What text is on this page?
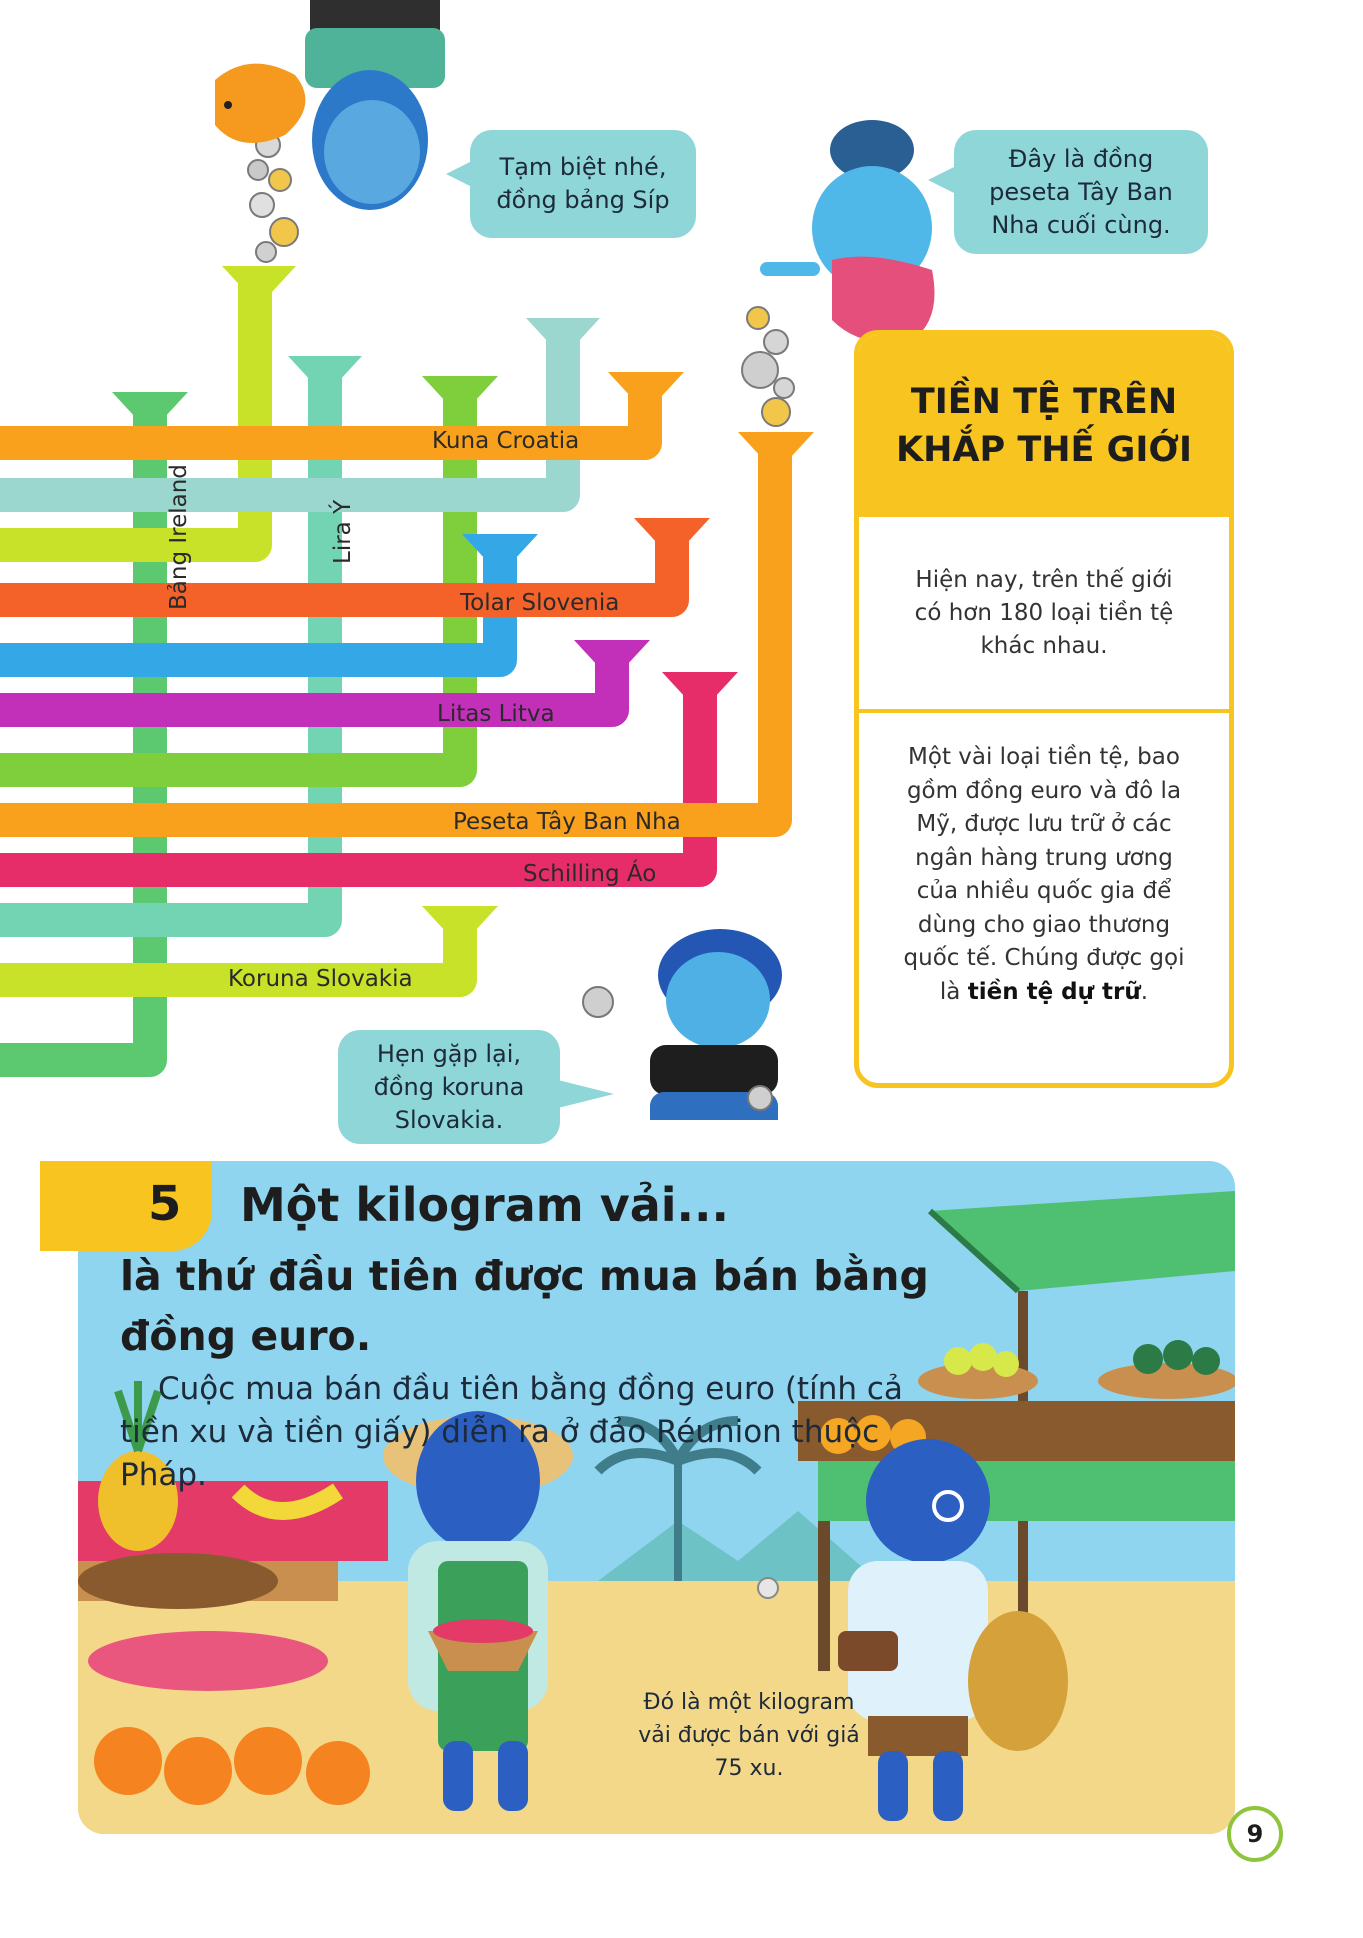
Kuna Croatia
Tolar Slovenia
Litas Litva
Peseta Tây Ban Nha
Schilling Áo
Koruna Slovakia
Bảng Ireland	Lira Ý
Tạm biệt nhé, đồng bảng Síp
Đây là đồng peseta Tây Ban Nha cuối cùng.
Hẹn gặp lại, đồng koruna Slovakia.
TIỀN TỆ TRÊN KHẮP THẾ GIỚI
Hiện nay, trên thế giới có hơn 180 loại tiền tệ khác nhau.
Một vài loại tiền tệ, bao gồm đồng euro và đô la Mỹ, được lưu trữ ở các ngân hàng trung ương của nhiều quốc gia để dùng cho giao thương quốc tế. Chúng được gọi là tiền tệ dự trữ.
5 Một kilogram vải...
là thứ đầu tiên được mua bán bằng
đồng euro.
Cuộc mua bán đầu tiên bằng đồng euro (tính cả tiền xu và tiền giấy) diễn ra ở đảo Réunion thuộc Pháp.
Đó là một kilogram vải được bán với giá 75 xu.
9
